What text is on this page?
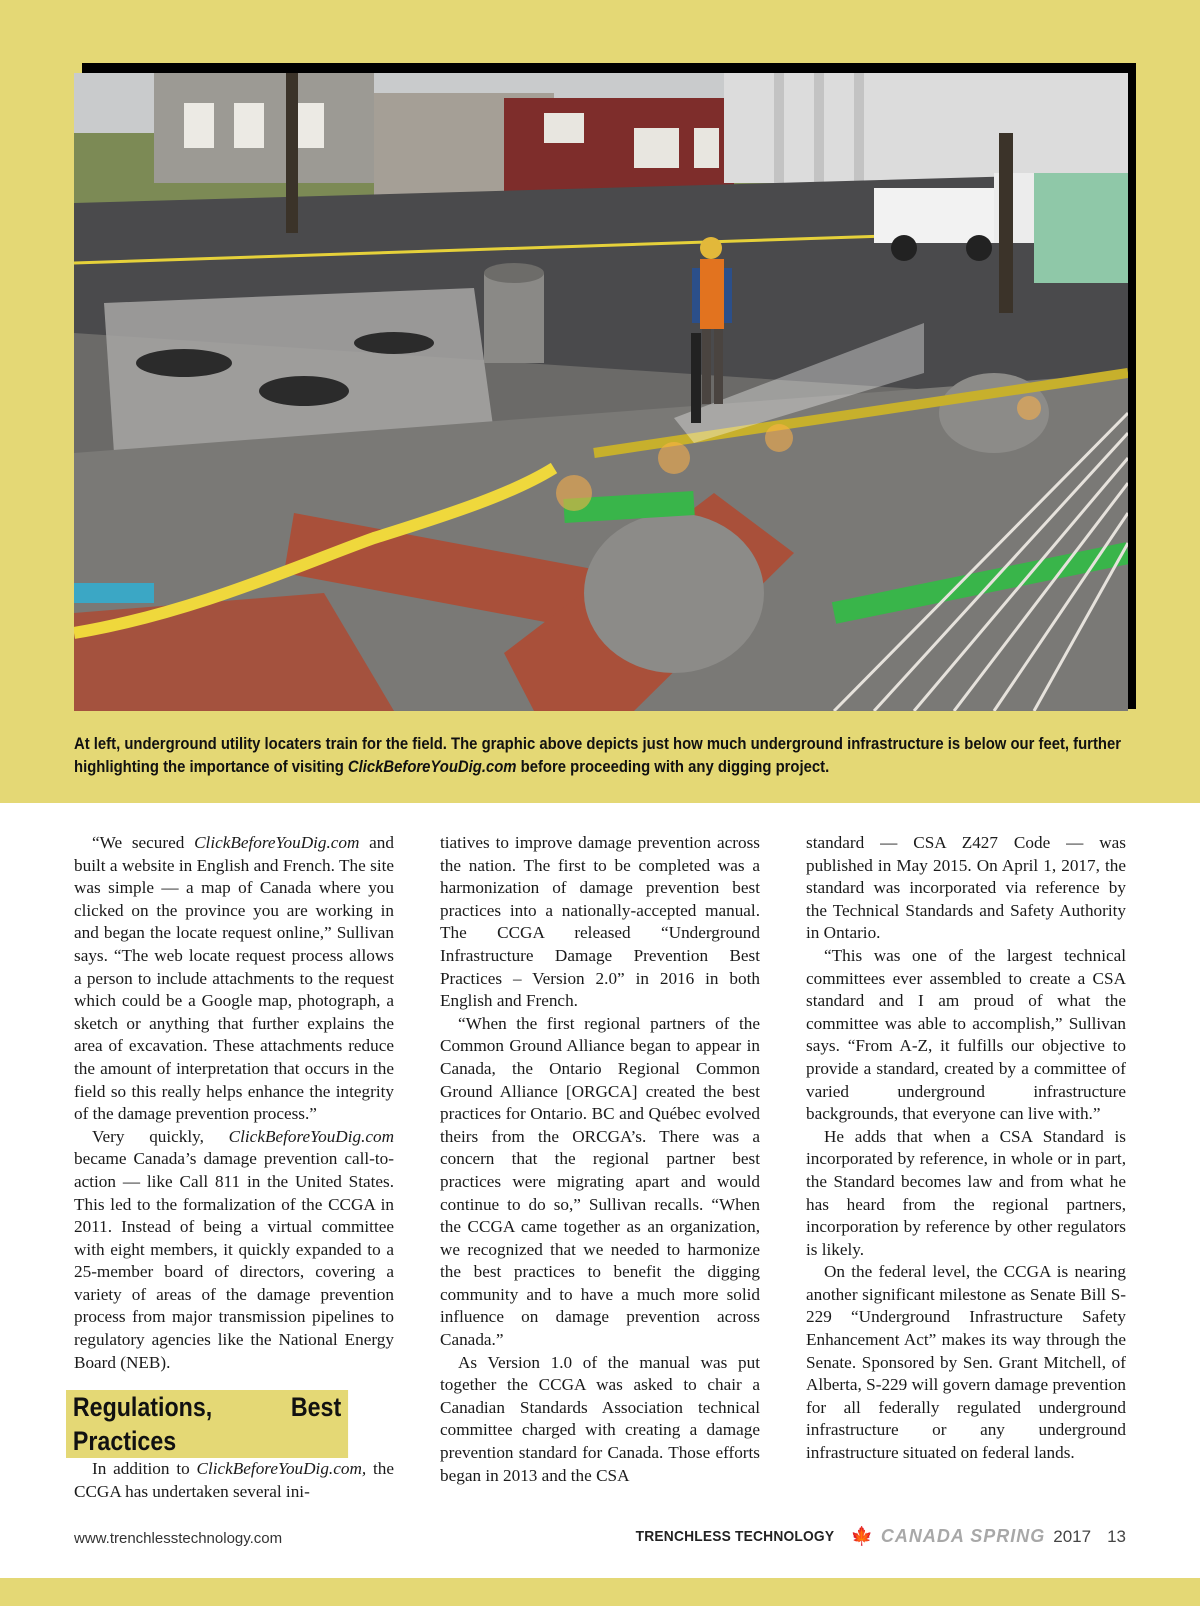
At left, underground utility locaters train for the field. The graphic above depicts just how much underground infrastructure is below our feet, further highlighting the importance of visiting ClickBeforeYouDig.com before proceeding with any digging project.

“We secured ClickBeforeYouDig.com and built a website in English and French. The site was simple — a map of Canada where you clicked on the province you are working in and began the locate request online,” Sullivan says. “The web locate request process allows a person to include attachments to the request which could be a Google map, photograph, a sketch or anything that further explains the area of excavation. These attachments reduce the amount of interpretation that occurs in the field so this really helps enhance the integrity of the damage prevention process.”

Very quickly, ClickBeforeYouDig.com became Canada’s damage prevention call-to-action — like Call 811 in the United States. This led to the formalization of the CCGA in 2011. Instead of being a virtual committee with eight members, it quickly expanded to a 25-member board of directors, covering a variety of areas of the damage prevention process from major transmission pipelines to regulatory agencies like the National Energy Board (NEB).

Regulations, Best Practices

In addition to ClickBeforeYouDig.com, the CCGA has undertaken several ini-

tiatives to improve damage prevention across the nation. The first to be completed was a harmonization of damage prevention best practices into a nationally-accepted manual. The CCGA released “Underground Infrastructure Damage Prevention Best Practices – Version 2.0” in 2016 in both English and French.

“When the first regional partners of the Common Ground Alliance began to appear in Canada, the Ontario Regional Common Ground Alliance [ORGCA] created the best practices for Ontario. BC and Québec evolved theirs from the ORCGA’s. There was a concern that the regional partner best practices were migrating apart and would continue to do so,” Sullivan recalls. “When the CCGA came together as an organization, we recognized that we needed to harmonize the best practices to benefit the digging community and to have a much more solid influence on damage prevention across Canada.”

As Version 1.0 of the manual was put together the CCGA was asked to chair a Canadian Standards Association technical committee charged with creating a damage prevention standard for Canada. Those efforts began in 2013 and the CSA

standard — CSA Z427 Code — was published in May 2015. On April 1, 2017, the standard was incorporated via reference by the Technical Standards and Safety Authority in Ontario.

“This was one of the largest technical committees ever assembled to create a CSA standard and I am proud of what the committee was able to accomplish,” Sullivan says. “From A-Z, it fulfills our objective to provide a standard, created by a committee of varied underground infrastructure backgrounds, that everyone can live with.”

He adds that when a CSA Standard is incorporated by reference, in whole or in part, the Standard becomes law and from what he has heard from the regional partners, incorporation by reference by other regulators is likely.

On the federal level, the CCGA is nearing another significant milestone as Senate Bill S-229 “Underground Infrastructure Safety Enhancement Act” makes its way through the Senate. Sponsored by Sen. Grant Mitchell, of Alberta, S-229 will govern damage prevention for all federally regulated underground infrastructure or any underground infrastructure situated on federal lands.

www.trenchlesstechnology.com	TRENCHLESS TECHNOLOGY 🍁 CANADA SPRING 2017 13
